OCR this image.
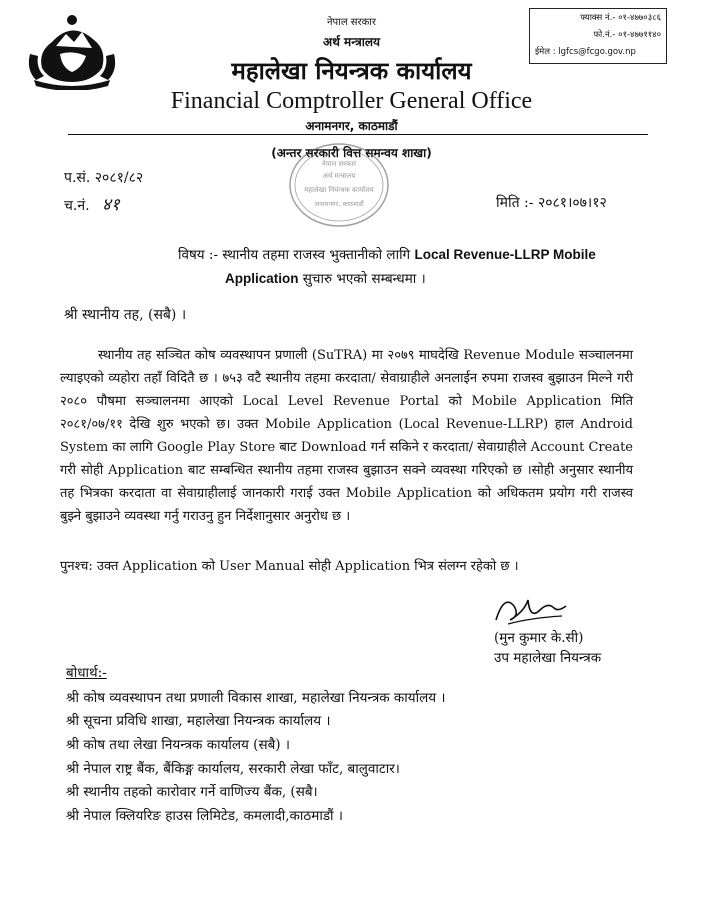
नेपाल सरकार
अर्थ मन्त्रालय
महालेखा नियन्त्रक कार्यालय
Financial Comptroller General Office
अनामनगर, काठमाडौं
(अन्तर सरकारी वित्त समन्वय शाखा)
फ्याक्स नं.- ०१-४७७०३८६
फो.नं.- ०१-४७७११४०
ईमेल : lgfcs@fcgo.gov.np
नेपाल सरकार
अर्थ मन्त्रालय
महालेखा नियन्त्रक कार्यालय
अनामनगर, काठमाडौं
प.सं. २०८१/८२
च.नं. ४१	मिति :- २०८१।०७।१२
विषय :- स्थानीय तहमा राजस्व भुक्तानीको लागि Local Revenue-LLRP Mobile
Application सुचारु भएको सम्बन्धमा ।
श्री स्थानीय तह, (सबै) ।
स्थानीय तह सञ्चित कोष व्यवस्थापन प्रणाली (SuTRA) मा २०७९ माघदेखि Revenue Module सञ्चालनमा ल्याइएको व्यहोरा तहाँ विदितै छ । ७५३ वटै स्थानीय तहमा करदाता/ सेवाग्राहीले अनलाईन रुपमा राजस्व बुझाउन मिल्ने गरी २०८० पौषमा सञ्चालनमा आएको Local Level Revenue Portal को Mobile Application मिति २०८१/०७/११ देखि शुरु भएको छ। उक्त Mobile Application (Local Revenue-LLRP) हाल Android System का लागि Google Play Store बाट Download गर्न सकिने र करदाता/ सेवाग्राहीले Account Create गरी सोही Application बाट सम्बन्धित स्थानीय तहमा राजस्व बुझाउन सक्ने व्यवस्था गरिएको छ ।सोही अनुसार स्थानीय तह भित्रका करदाता वा सेवाग्राहीलाई जानकारी गराई उक्त Mobile Application को अधिकतम प्रयोग गरी राजस्व बुझ्ने बुझाउने व्यवस्था गर्नु गराउनु हुन निर्देशानुसार अनुरोध छ ।
पुनश्च: उक्त Application को User Manual सोही Application भित्र संलग्न रहेको छ ।
(मुन कुमार के.सी)
उप महालेखा नियन्त्रक
बोधार्थ:-
श्री कोष व्यवस्थापन तथा प्रणाली विकास शाखा, महालेखा नियन्त्रक कार्यालय ।
श्री सूचना प्रविधि शाखा, महालेखा नियन्त्रक कार्यालय ।
श्री कोष तथा लेखा नियन्त्रक कार्यालय (सबै) ।
श्री नेपाल राष्ट्र बैंक, बैंकिङ्ग कार्यालय, सरकारी लेखा फाँट, बालुवाटार।
श्री स्थानीय तहको कारोवार गर्ने वाणिज्य बैंक, (सबै।
श्री नेपाल क्लियरिङ हाउस लिमिटेड, कमलादी,काठमाडौं ।
